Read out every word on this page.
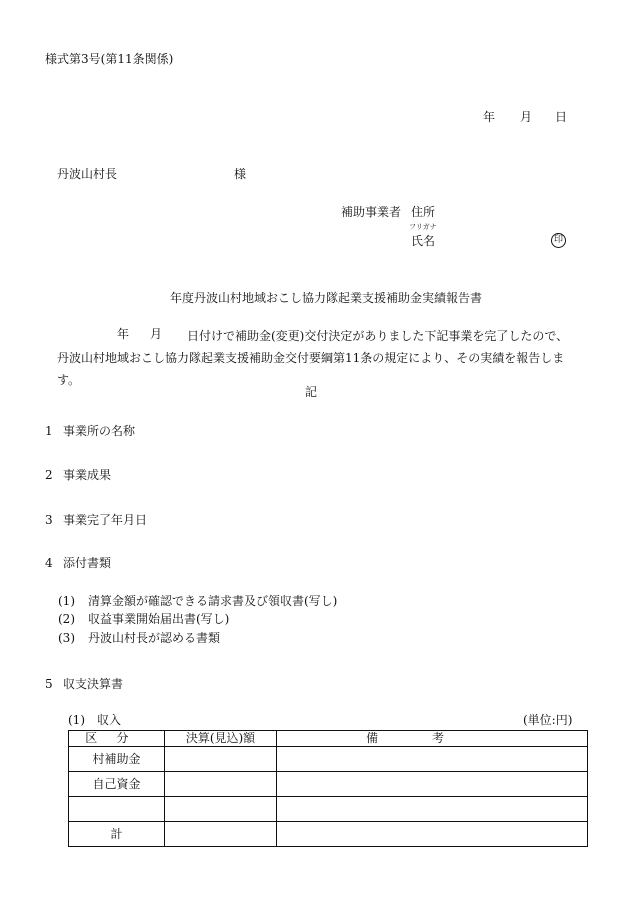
様式第3号(第11条関係)
年 月 日
丹波山村長	様
補助事業者 住所
フリガナ
氏名	印
年度丹波山村地域おこし協力隊起業支援補助金実績報告書
年 月	日付けで補助金(変更)交付決定がありました下記事業を完了したので、丹波山村地域おこし協力隊起業支援補助金交付要綱第11条の規定により、その実績を報告します。
記
1 事業所の名称
2 事業成果
3 事業完了年月日
4 添付書類
(1) 清算金額が確認できる請求書及び領収書(写し)
(2) 収益事業開始届出書(写し)
(3) 丹波山村長が認める書類
5 収支決算書
(1) 収入	(単位:円)
区分	決算(見込)額	備考
村補助金		
自己資金		

計		
